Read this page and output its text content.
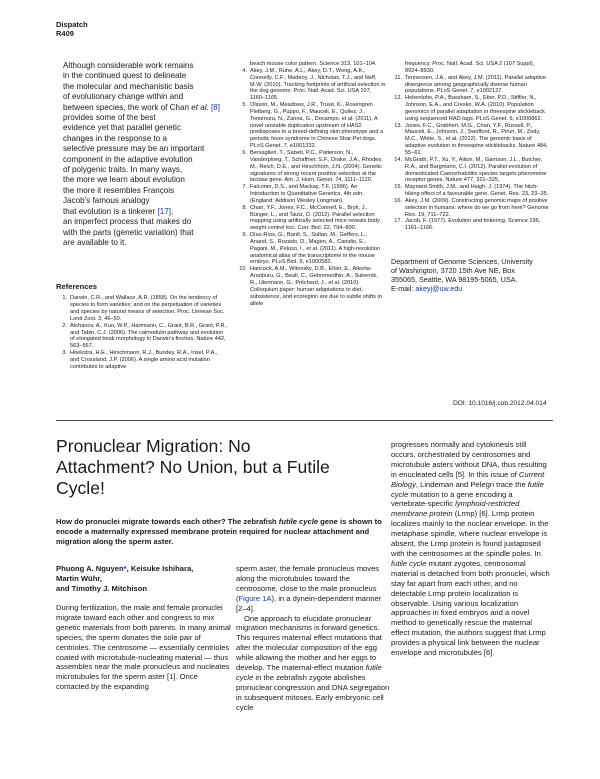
Dispatch
R409

Although considerable work remains
in the continued quest to delineate
the molecular and mechanistic basis
of evolutionary change within and
between species, the work of Chan et al. [8] provides some of the best
evidence yet that parallel genetic
changes in the response to a
selective pressure may be an important
component in the adaptive evolution
of polygenic traits. In many ways,
the more we learn about evolution
the more it resembles François
Jacob's famous analogy
that evolution is a tinkerer [17],
an imperfect process that makes do
with the parts (genetic variation) that
are available to it.

References
1. Darwin, C.R., and Wallace, A.R. (1858). On the tendency of species to form varieties; and on the perpetuation of varieties and species by natural means of selection. Proc. Linnean Soc. Lond Zool. 3, 46–50.
2. Atchanov, A., Kuo, W.P., Hartmann, C., Grant, B.R., Grant, P.R., and Tabin, C.J. (2006). The calmodulin pathway and evolution of elongated beak morphology in Darwin's finches. Nature 442, 563–567.
3. Hoekstra, H.E., Hirschmann, R.J., Bundey, R.A., Insel, P.A., and Crossland, J.P. (2006). A single amino acid mutation contributes to adaptive
beach mouse color pattern. Science 313, 101–104.
4. Akey, J.M., Ruhe, A.L., Akey, D.T., Wong, A.K., Connelly, C.F., Madeoy, J., Nicholas, T.J., and Neff, M.W. (2010). Tracking footprints of artificial selection in the dog genome. Proc. Natl. Acad. Sci. USA 107, 1160–1165.
5. Olsson, M., Meadows, J.R., Truvé, K., Rosengren Pielberg, G., Puppo, F., Mauceli, E., Quilez, J., Tonomura, N., Zanna, G., Docampo, et al. (2011). A novel unstable duplication upstream of HAS2 predisposes to a breed-defining skin phenotype and a periodic fever syndrome in Chinese Shar-Pei dogs. PLoS Genet. 7, e1001332.
6. Bersaglieri, T., Sabeti, P.C., Patterson, N., Vanderploeg, T., Schaffner, S.F., Drake, J.A., Rhodes, M., Reich, D.E., and Hirschhorn, J.N. (2004). Genetic signatures of strong recent positive selection at the lactase gene. Am. J. Hum. Genet. 74, 1111–1120.
7. Falconer, D.S., and Mackay, T.F. (1996). An Introduction to Quantitative Genetics, 4th edn. (England: Addison Wesley Longman).
8. Chan, Y.F., Jones, F.C., McConnell, E., Bryk, J., Bünger, L., and Tautz, D. (2012). Parallel selection mapping using artificially selected mice reveals body weight control loci. Curr. Biol. 22, 794–800.
9. Díaz-Ríos, G., Banfi, S., Sultan, M., Geffers, L., Anand, S., Rozado, D., Magen, A., Canidio, E., Pagani, M., Peluso, I., et al. (2011). A high-resolution anatomical atlas of the transcriptome in the mouse embryo. PLoS Biol. 9, e1000582.
10. Hancock, A.M., Witonsky, D.B., Ehler, E., Alkorta-Aranburu, G., Beall, C., Gebremedhin, A., Sukernik, R., Utermann, G., Pritchard, J., et al. (2010). Colloquium paper: human adaptations to diet, subsistence, and ecoregion are due to subtle shifts in allele
frequency. Proc. Natl. Acad. Sci. USA 2 (107 Suppl), 8924–8930.
11. Tennessen, J.A., and Akey, J.M. (2011). Parallel adaptive divergence among geographically diverse human populations. PLoS Genet. 7, e1002127.
12. Hohenlohe, P.A., Bassham, S., Etter, P.D., Stiffler, N., Johnson, E.A., and Cresko, W.A. (2010). Population genomics of parallel adaptation in threespine stickleback using sequenced RAD tags. PLoS Genet. 6, e1000862.
13. Jones, F.C., Grabherr, M.G., Chan, Y.F., Russell, P., Mauceli, E., Johnson, J., Swofford, R., Pirun, M., Zody, M.C., White, S., et al. (2012). The genomic basis of adaptive evolution in threespine sticklebacks. Nature 484, 55–61.
14. McGrath, P.T., Xu, Y., Ailion, M., Garrison, J.L., Butcher, R.A., and Bargmann, C.I. (2012). Parallel evolution of domesticated Caenorhabditis species targets pheromone receptor genes. Nature 477, 321–325.
15. Maynard-Smith, J.M., and Haigh, J. (1974). The hitch-hiking effect of a favourable gene. Genet. Res. 23, 23–35.
16. Akey, J.M. (2009). Constructing genomic maps of positive selection in humans: where do we go from here? Genome Res. 19, 711–722.
17. Jacob, F. (1977). Evolution and tinkering. Science 196, 1161–1166.
Department of Genome Sciences, University
of Washington, 3720 15th Ave NE, Box
355065, Seattle, WA 98195-5065, USA.
E-mail: akeyj@uw.edu
DOI: 10.1016/j.cub.2012.04.014
Pronuclear Migration: No
Attachment? No Union, but a Futile
Cycle!

How do pronuclei migrate towards each other? The zebrafish futile cycle gene is shown to encode a maternally expressed membrane protein required for nuclear attachment and migration along the sperm aster.

Phuong A. Nguyen*, Keisuke Ishihara,
Martin Wühr,
and Timothy J. Mitchison

During fertilization, the male and female pronuclei migrate toward each other and congress to mix genetic materials from both parents. In many animal species, the sperm donates the sole pair of centrioles. The centrosome — essentially centrioles coated with microtubule-nucleating material — thus assembles near the male pronucleus and nucleates microtubules for the sperm aster [1]. Once contacted by the expanding

sperm aster, the female pronucleus moves along the microtubules toward the centrosome, close to the male pronucleus (Figure 1A), in a dynein-dependent manner [2–4].
One approach to elucidate pronuclear migration mechanisms is forward genetics. This requires maternal effect mutations that alter the molecular composition of the egg while allowing the mother and her eggs to develop. The maternal-effect mutation futile cycle in the zebrafish zygote abolishes pronuclear congression and DNA segregation in subsequent mitoses. Early embryonic cell cycle

progresses normally and cytokinesis still occurs, orchestrated by centrosomes and microtubule asters without DNA, thus resulting in enucleated cells [5]. In this issue of Current Biology, Lindeman and Pelegri trace the futile cycle mutation to a gene encoding a vertebrate-specific lymphoid-restricted membrane protein (Lrmp) [6]. Lrmp protein localizes mainly to the nuclear envelope. In the metaphase spindle, where nuclear envelope is absent, the Lrmp protein is found juxtaposed with the centrosomes at the spindle poles. In futile cycle mutant zygotes, centrosomal material is detached from both pronuclei, which stay far apart from each other, and no detectable Lrmp protein localization is observable. Using various localization approaches in fixed embryos and a novel method to genetically rescue the maternal effect mutation, the authors suggest that Lrmp provides a physical link between the nuclear envelope and microtubules [6].
